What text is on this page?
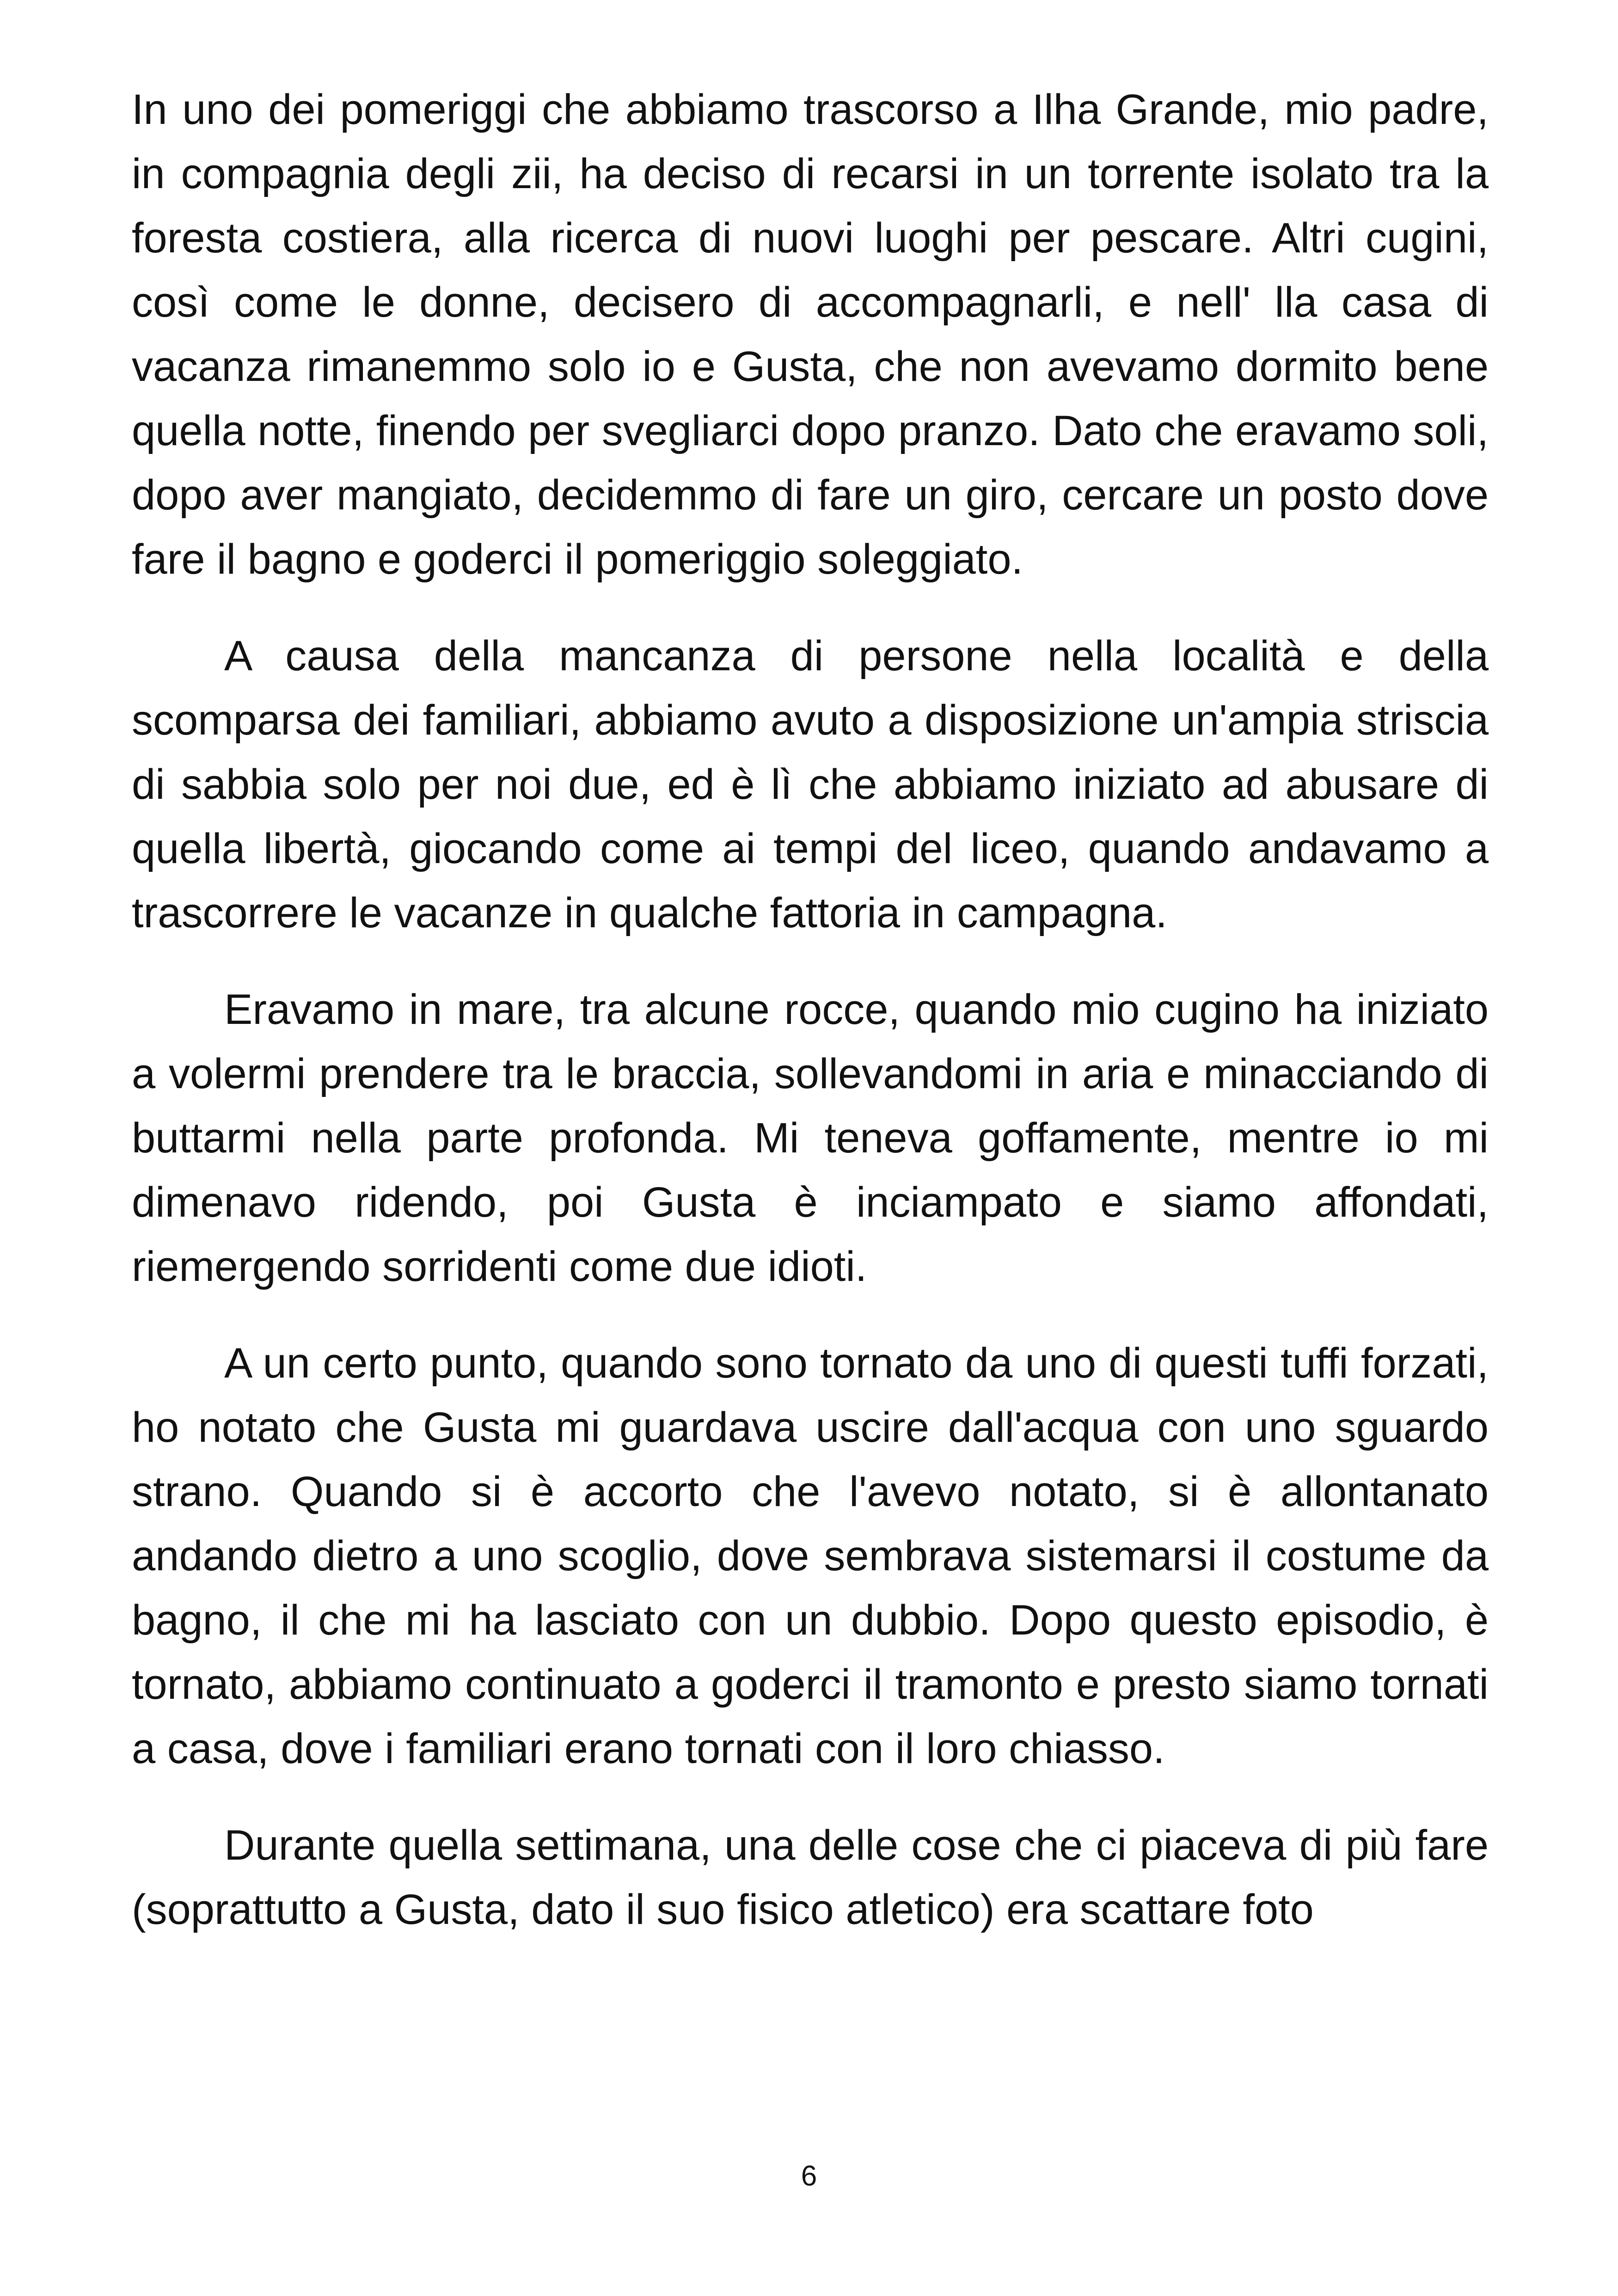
In uno dei pomeriggi che abbiamo trascorso a Ilha Grande, mio padre, in compagnia degli zii, ha deciso di recarsi in un torrente isolato tra la foresta costiera, alla ricerca di nuovi luoghi per pescare. Altri cugini, così come le donne, decisero di accompagnarli, e nell' lla casa di vacanza rimanemmo solo io e Gusta, che non avevamo dormito bene quella notte, finendo per svegliarci dopo pranzo. Dato che eravamo soli, dopo aver mangiato, decidemmo di fare un giro, cercare un posto dove fare il bagno e goderci il pomeriggio soleggiato.

A causa della mancanza di persone nella località e della scomparsa dei familiari, abbiamo avuto a disposizione un'ampia striscia di sabbia solo per noi due, ed è lì che abbiamo iniziato ad abusare di quella libertà, giocando come ai tempi del liceo, quando andavamo a trascorrere le vacanze in qualche fattoria in campagna.

Eravamo in mare, tra alcune rocce, quando mio cugino ha iniziato a volermi prendere tra le braccia, sollevandomi in aria e minacciando di buttarmi nella parte profonda. Mi teneva goffamente, mentre io mi dimenavo ridendo, poi Gusta è inciampato e siamo affondati, riemergendo sorridenti come due idioti.

A un certo punto, quando sono tornato da uno di questi tuffi forzati, ho notato che Gusta mi guardava uscire dall'acqua con uno sguardo strano. Quando si è accorto che l'avevo notato, si è allontanato andando dietro a uno scoglio, dove sembrava sistemarsi il costume da bagno, il che mi ha lasciato con un dubbio. Dopo questo episodio, è tornato, abbiamo continuato a goderci il tramonto e presto siamo tornati a casa, dove i familiari erano tornati con il loro chiasso.

Durante quella settimana, una delle cose che ci piaceva di più fare (soprattutto a Gusta, dato il suo fisico atletico) era scattare foto

6
